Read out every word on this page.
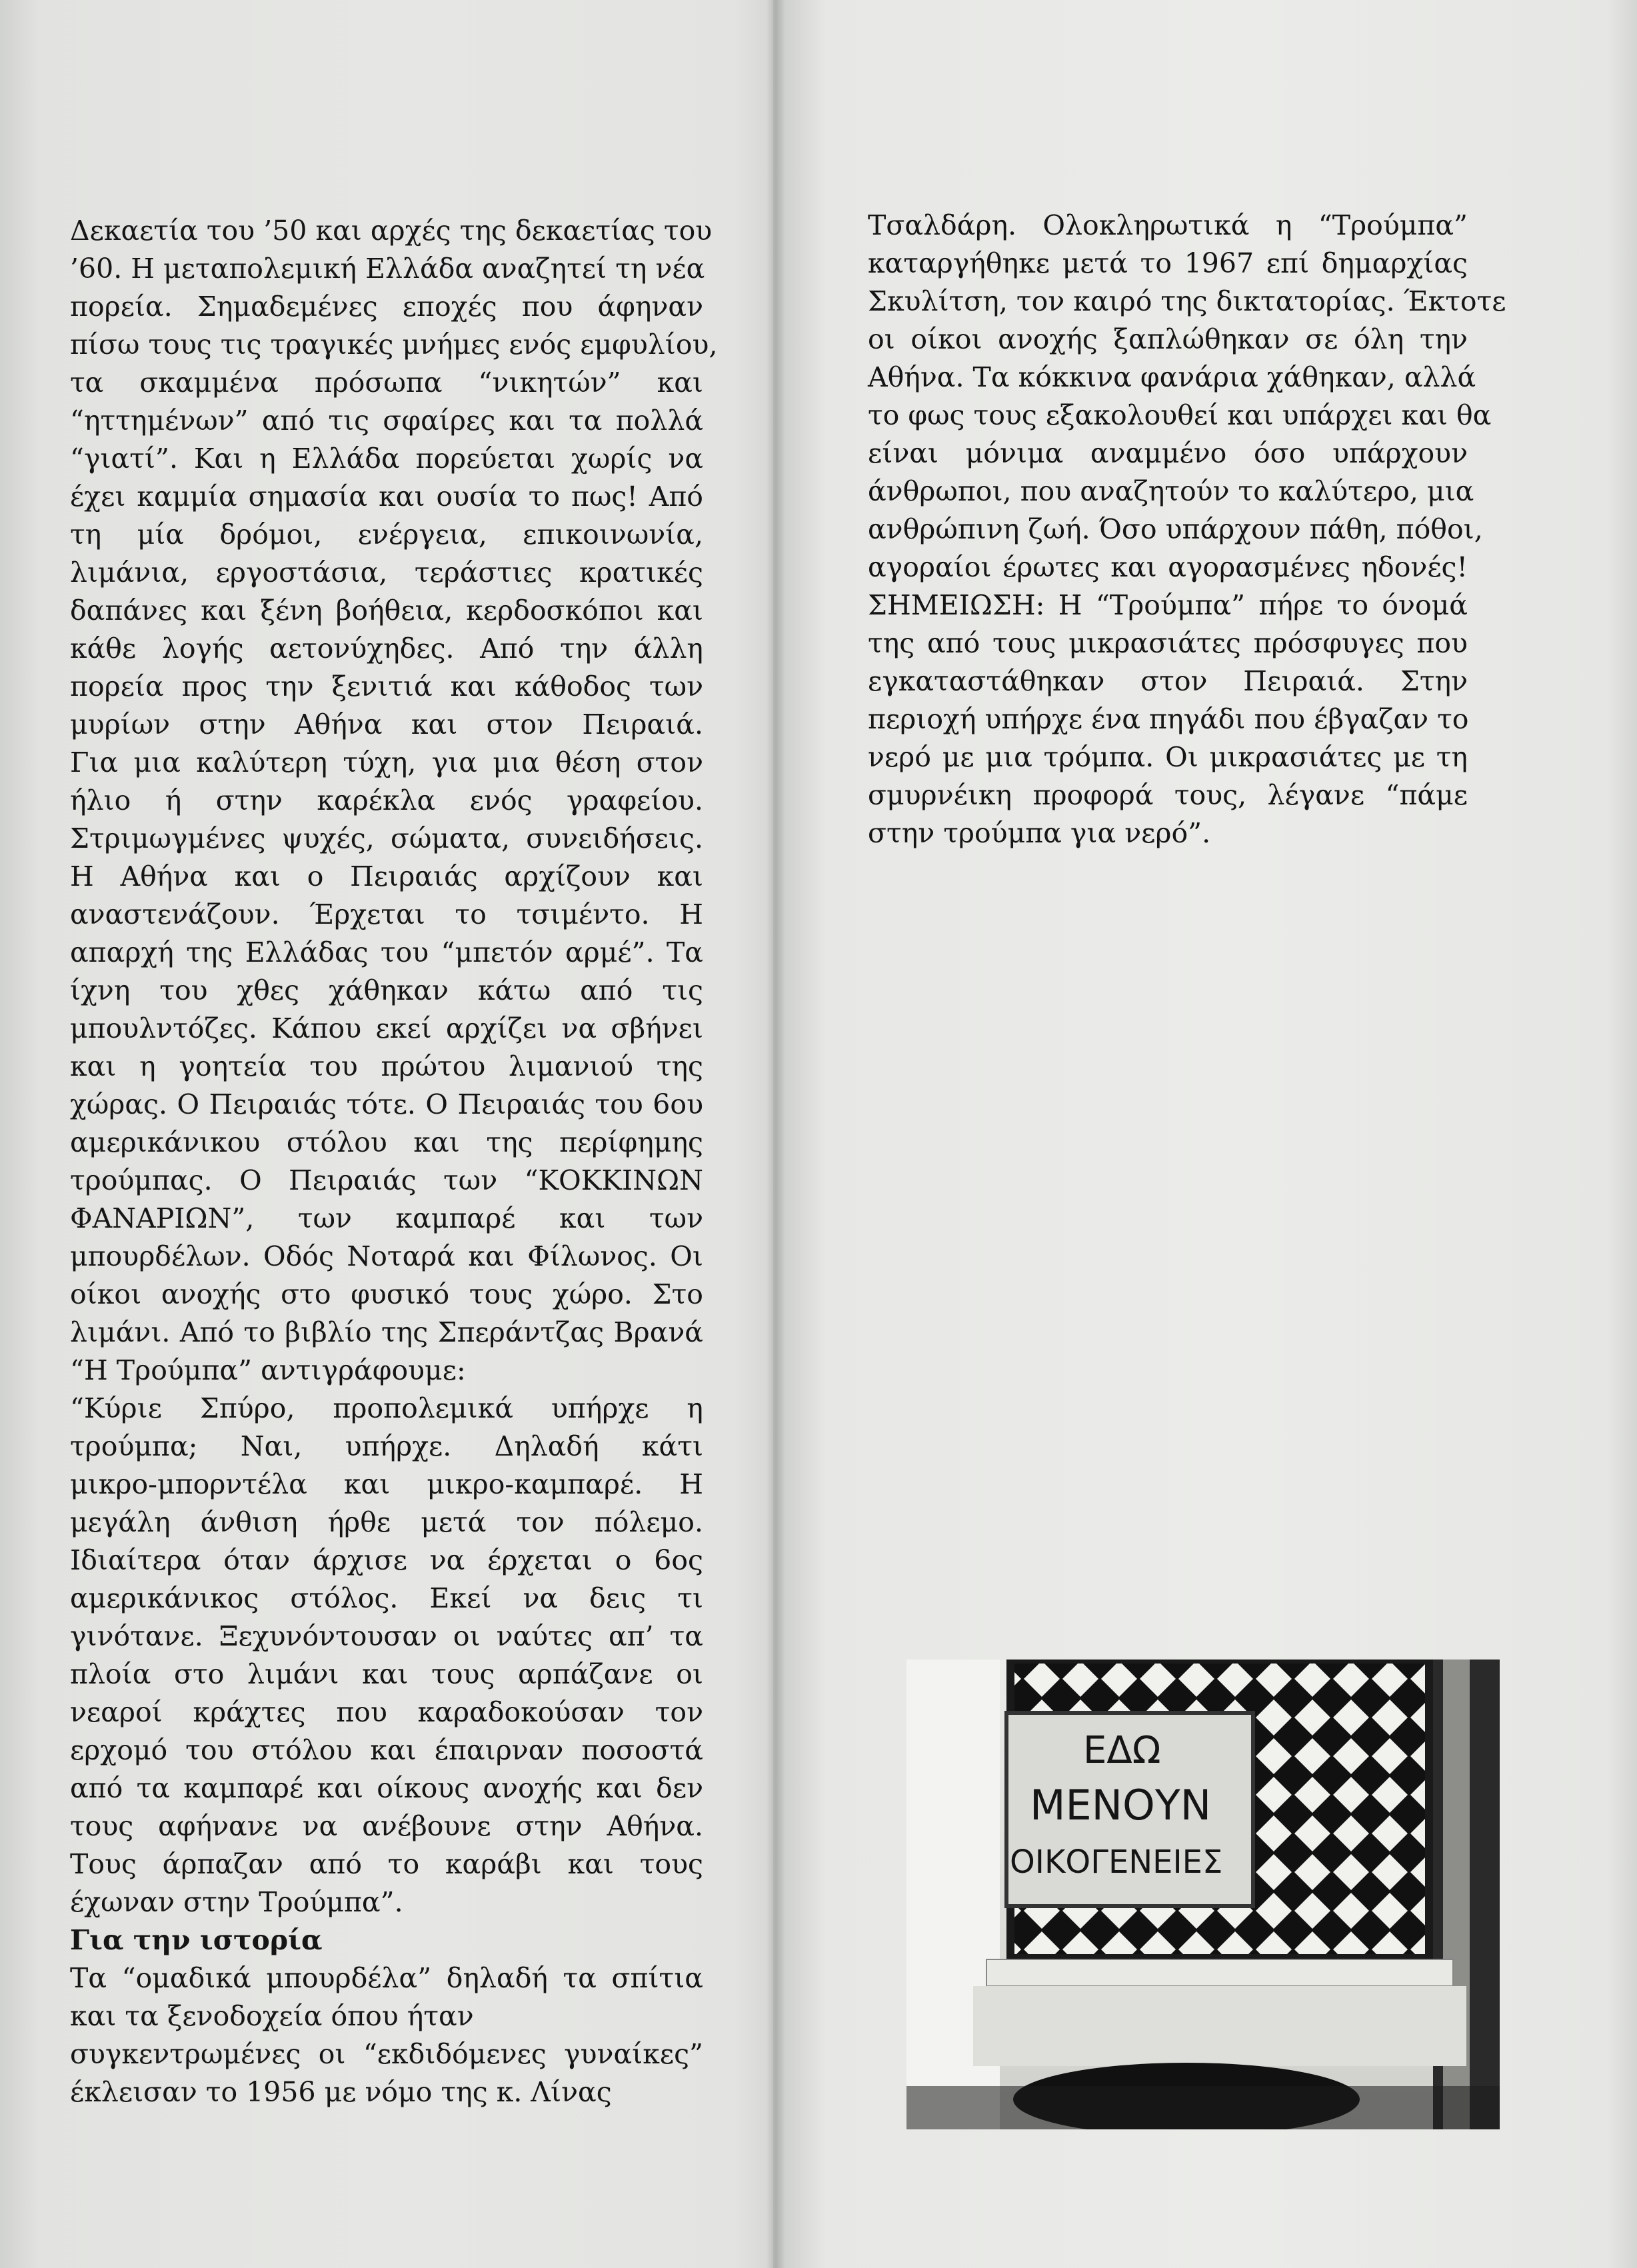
Δεκαετία του ’50 και αρχές της δεκαετίας του
’60. Η μεταπολεμική Ελλάδα αναζητεί τη νέα
πορεία. Σημαδεμένες εποχές που άφηναν
πίσω τους τις τραγικές μνήμες ενός εμφυλίου,
τα σκαμμένα πρόσωπα “νικητών” και
“ηττημένων” από τις σφαίρες και τα πολλά
“γιατί”. Και η Ελλάδα πορεύεται χωρίς να
έχει καμμία σημασία και ουσία το πως! Από
τη μία δρόμοι, ενέργεια, επικοινωνία,
λιμάνια, εργοστάσια, τεράστιες κρατικές
δαπάνες και ξένη βοήθεια, κερδοσκόποι και
κάθε λογής αετονύχηδες. Από την άλλη
πορεία προς την ξενιτιά και κάθοδος των
μυρίων στην Αθήνα και στον Πειραιά.
Για μια καλύτερη τύχη, για μια θέση στον
ήλιο ή στην καρέκλα ενός γραφείου.
Στριμωγμένες ψυχές, σώματα, συνειδήσεις.
Η Αθήνα και ο Πειραιάς αρχίζουν και
αναστενάζουν. Έρχεται το τσιμέντο. Η
απαρχή της Ελλάδας του “μπετόν αρμέ”. Τα
ίχνη του χθες χάθηκαν κάτω από τις
μπουλντόζες. Κάπου εκεί αρχίζει να σβήνει
και η γοητεία του πρώτου λιμανιού της
χώρας. Ο Πειραιάς τότε. Ο Πειραιάς του 6ου
αμερικάνικου στόλου και της περίφημης
τρούμπας. Ο Πειραιάς των “ΚΟΚΚΙΝΩΝ
ΦΑΝΑΡΙΩΝ”, των καμπαρέ και των
μπουρδέλων. Οδός Νοταρά και Φίλωνος. Οι
οίκοι ανοχής στο φυσικό τους χώρο. Στο
λιμάνι. Από το βιβλίο της Σπεράντζας Βρανά
“Η Τρούμπα” αντιγράφουμε:
“Κύριε Σπύρο, προπολεμικά υπήρχε η
τρούμπα; Ναι, υπήρχε. Δηλαδή κάτι
μικρο-μπορντέλα και μικρο-καμπαρέ. Η
μεγάλη άνθιση ήρθε μετά τον πόλεμο.
Ιδιαίτερα όταν άρχισε να έρχεται ο 6ος
αμερικάνικος στόλος. Εκεί να δεις τι
γινότανε. Ξεχυνόντουσαν οι ναύτες απ’ τα
πλοία στο λιμάνι και τους αρπάζανε οι
νεαροί κράχτες που καραδοκούσαν τον
ερχομό του στόλου και έπαιρναν ποσοστά
από τα καμπαρέ και οίκους ανοχής και δεν
τους αφήνανε να ανέβουνε στην Αθήνα.
Τους άρπαζαν από το καράβι και τους
έχωναν στην Τρούμπα”.
Για την ιστορία
Τα “ομαδικά μπουρδέλα” δηλαδή τα σπίτια
και τα ξενοδοχεία όπου ήταν
συγκεντρωμένες οι “εκδιδόμενες γυναίκες”
έκλεισαν το 1956 με νόμο της κ. Λίνας
Τσαλδάρη. Ολοκληρωτικά η “Τρούμπα”
καταργήθηκε μετά το 1967 επί δημαρχίας
Σκυλίτση, τον καιρό της δικτατορίας. Έκτοτε
οι οίκοι ανοχής ξαπλώθηκαν σε όλη την
Αθήνα. Τα κόκκινα φανάρια χάθηκαν, αλλά
το φως τους εξακολουθεί και υπάρχει και θα
είναι μόνιμα αναμμένο όσο υπάρχουν
άνθρωποι, που αναζητούν το καλύτερο, μια
ανθρώπινη ζωή. Όσο υπάρχουν πάθη, πόθοι,
αγοραίοι έρωτες και αγορασμένες ηδονές!
ΣΗΜΕΙΩΣΗ: Η “Τρούμπα” πήρε το όνομά
της από τους μικρασιάτες πρόσφυγες που
εγκαταστάθηκαν στον Πειραιά. Στην
περιοχή υπήρχε ένα πηγάδι που έβγαζαν το
νερό με μια τρόμπα. Οι μικρασιάτες με τη
σμυρνέικη προφορά τους, λέγανε “πάμε
στην τρούμπα για νερό”.
ΕΔΩ
ΜΕΝΟΥΝ
ΟΙΚΟΓΕΝΕΙΕΣ
